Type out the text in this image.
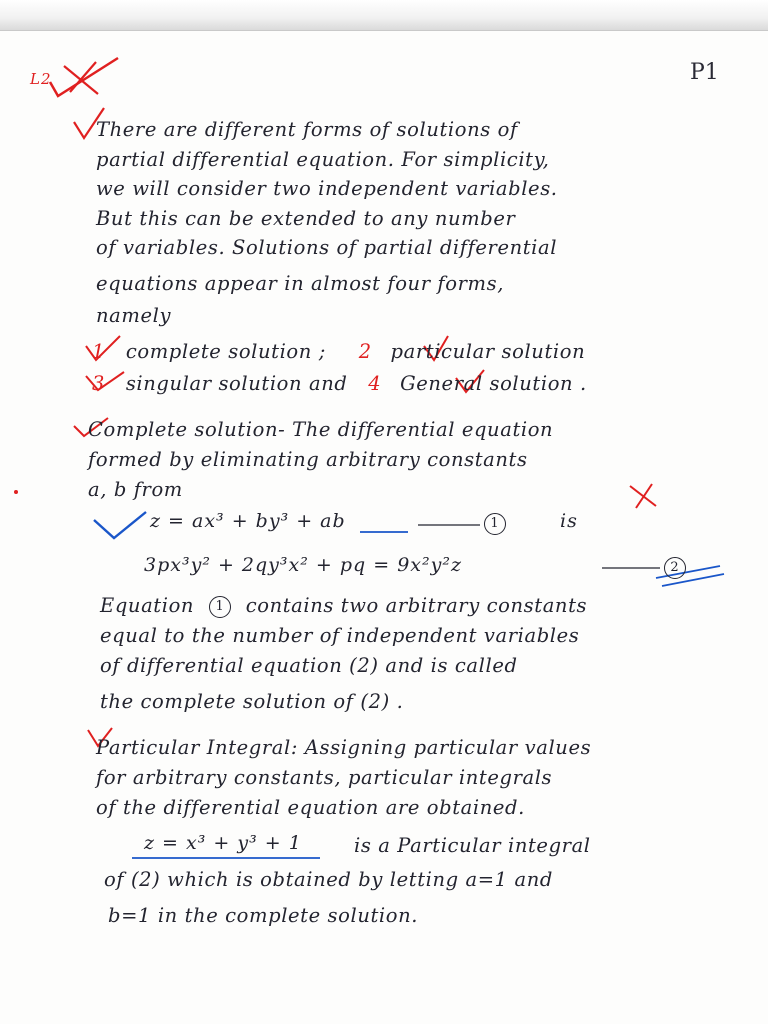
L2	P1
There are different forms of solutions of
partial differential equation. For simplicity,
we will consider two independent variables.
But this can be extended to any number
of variables. Solutions of partial differential
equations appear in almost four forms,
namely
1 complete solution ; 2 particular solution
3 singular solution and 4 General solution .
Complete solution- The differential equation
formed by eliminating arbitrary constants
a, b from
z = ax³ + by³ + ab	1	is
3px³y² + 2qy³x² + pq = 9x²y²z	2
Equation 1 contains two arbitrary constants
equal to the number of independent variables
of differential equation (2) and is called
the complete solution of (2) .
Particular Integral: Assigning particular values
for arbitrary constants, particular integrals
of the differential equation are obtained.
z = x³ + y³ + 1	is a Particular integral
of (2) which is obtained by letting a=1 and
b=1 in the complete solution.
